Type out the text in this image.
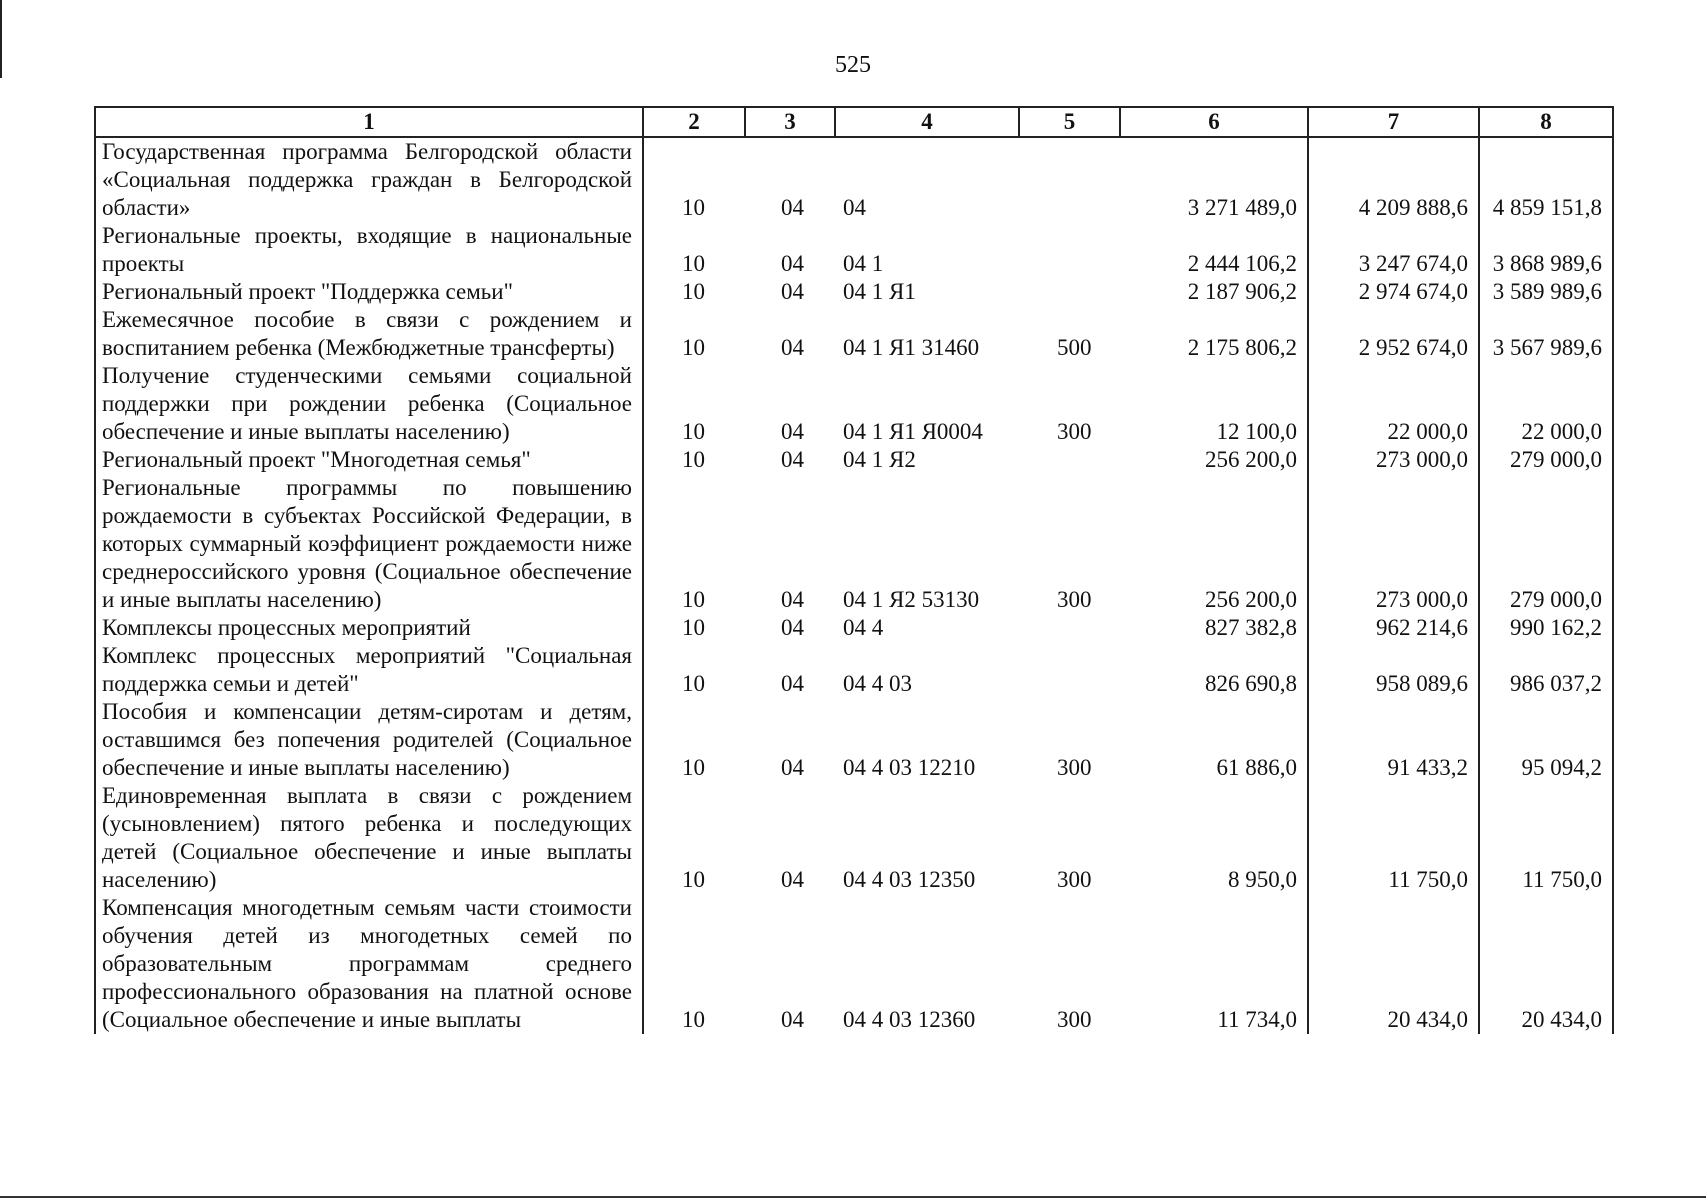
525
1	2	3	4	5	6	7	8
Государственная программа Белгородской области «Социальная поддержка граждан в Белгородской области»	10	04	04		3 271 489,0	4 209 888,6	4 859 151,8
Региональные проекты, входящие в национальные проекты	10	04	04 1		2 444 106,2	3 247 674,0	3 868 989,6
Региональный проект "Поддержка семьи"	10	04	04 1 Я1		2 187 906,2	2 974 674,0	3 589 989,6
Ежемесячное пособие в связи с рождением и воспитанием ребенка (Межбюджетные трансферты)	10	04	04 1 Я1 31460	500	2 175 806,2	2 952 674,0	3 567 989,6
Получение студенческими семьями социальной поддержки при рождении ребенка (Социальное обеспечение и иные выплаты населению)	10	04	04 1 Я1 Я0004	300	12 100,0	22 000,0	22 000,0
Региональный проект "Многодетная семья"	10	04	04 1 Я2		256 200,0	273 000,0	279 000,0
Региональные программы по повышению рождаемости в субъектах Российской Федерации, в которых суммарный коэффициент рождаемости ниже среднероссийского уровня (Социальное обеспечение и иные выплаты населению)	10	04	04 1 Я2 53130	300	256 200,0	273 000,0	279 000,0
Комплексы процессных мероприятий	10	04	04 4		827 382,8	962 214,6	990 162,2
Комплекс процессных мероприятий "Социальная поддержка семьи и детей"	10	04	04 4 03		826 690,8	958 089,6	986 037,2
Пособия и компенсации детям-сиротам и детям, оставшимся без попечения родителей (Социальное обеспечение и иные выплаты населению)	10	04	04 4 03 12210	300	61 886,0	91 433,2	95 094,2
Единовременная выплата в связи с рождением (усыновлением) пятого ребенка и последующих детей (Социальное обеспечение и иные выплаты населению)	10	04	04 4 03 12350	300	8 950,0	11 750,0	11 750,0
Компенсация многодетным семьям части стоимости обучения детей из многодетных семей по образовательным программам среднего профессионального образования на платной основе (Социальное обеспечение и иные выплаты	10	04	04 4 03 12360	300	11 734,0	20 434,0	20 434,0
